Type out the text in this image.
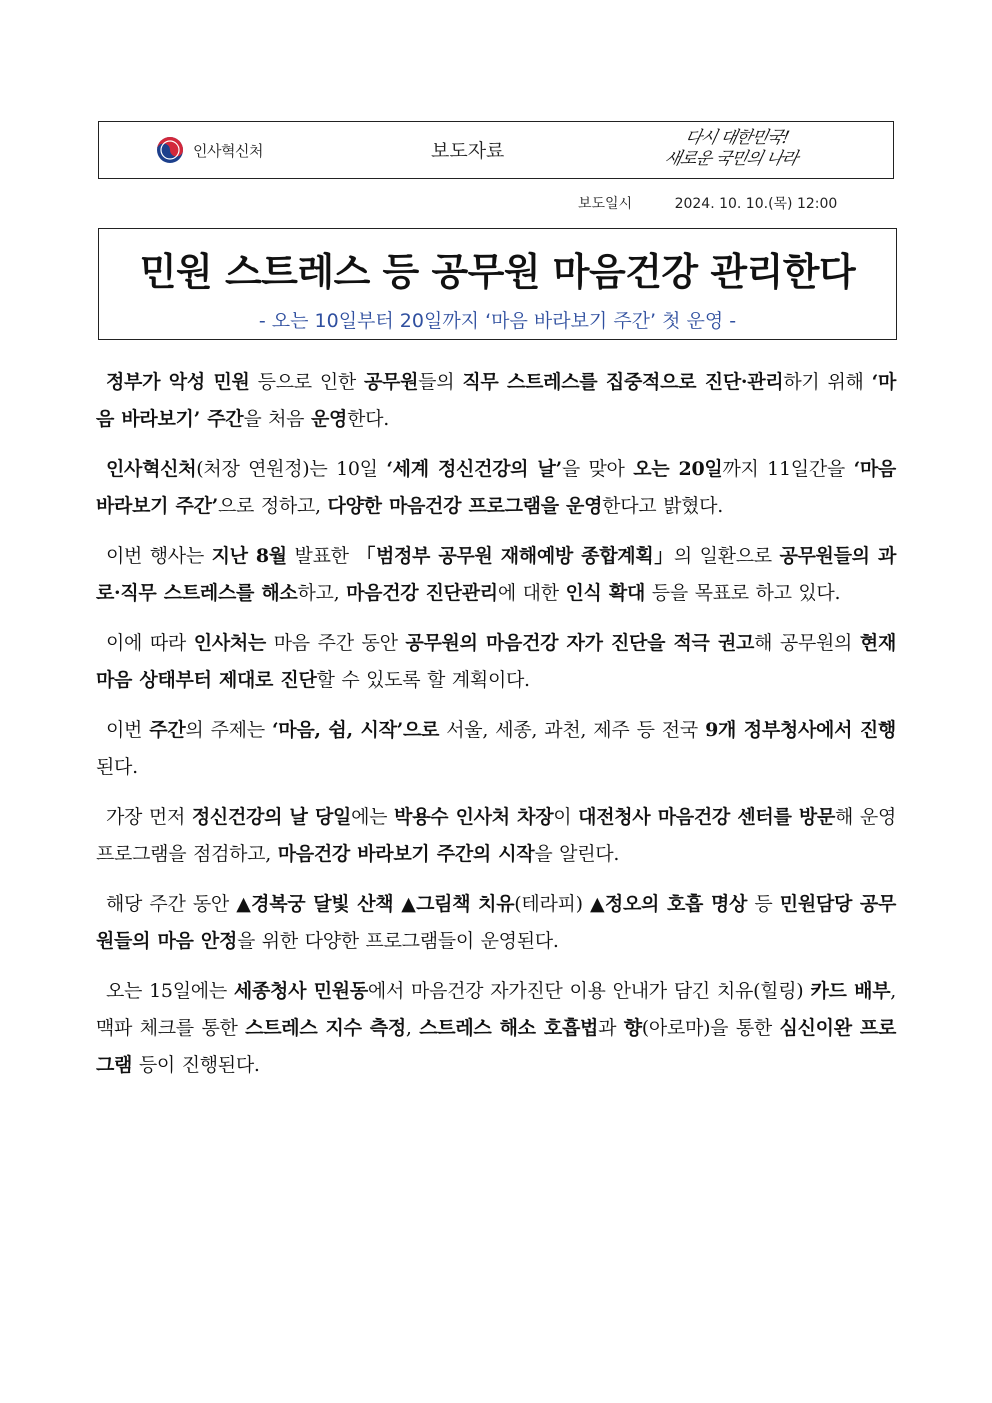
인사혁신처	보도자료
다시 대한민국!
새로운 국민의 나라
보도일시	2024. 10. 10.(목) 12:00
민원 스트레스 등 공무원 마음건강 관리한다
- 오는 10일부터 20일까지 ‘마음 바라보기 주간’ 첫 운영 -

정부가 악성 민원 등으로 인한 공무원들의 직무 스트레스를 집중적으로 진단·관리하기 위해 ‘마음 바라보기’ 주간을 처음 운영한다.

인사혁신처(처장 연원정)는 10일 ‘세계 정신건강의 날’을 맞아 오는 20일까지 11일간을 ‘마음 바라보기 주간’으로 정하고, 다양한 마음건강 프로그램을 운영한다고 밝혔다.

이번 행사는 지난 8월 발표한 「범정부 공무원 재해예방 종합계획」의 일환으로 공무원들의 과로·직무 스트레스를 해소하고, 마음건강 진단관리에 대한 인식 확대 등을 목표로 하고 있다.

이에 따라 인사처는 마음 주간 동안 공무원의 마음건강 자가 진단을 적극 권고해 공무원의 현재 마음 상태부터 제대로 진단할 수 있도록 할 계획이다.

이번 주간의 주제는 ‘마음, 쉼, 시작’으로 서울, 세종, 과천, 제주 등 전국 9개 정부청사에서 진행된다.

가장 먼저 정신건강의 날 당일에는 박용수 인사처 차장이 대전청사 마음건강 센터를 방문해 운영 프로그램을 점검하고, 마음건강 바라보기 주간의 시작을 알린다.

해당 주간 동안 ▲경복궁 달빛 산책 ▲그림책 치유(테라피) ▲정오의 호흡 명상 등 민원담당 공무원들의 마음 안정을 위한 다양한 프로그램들이 운영된다.

오는 15일에는 세종청사 민원동에서 마음건강 자가진단 이용 안내가 담긴 치유(힐링) 카드 배부, 맥파 체크를 통한 스트레스 지수 측정, 스트레스 해소 호흡법과 향(아로마)을 통한 심신이완 프로그램 등이 진행된다.
